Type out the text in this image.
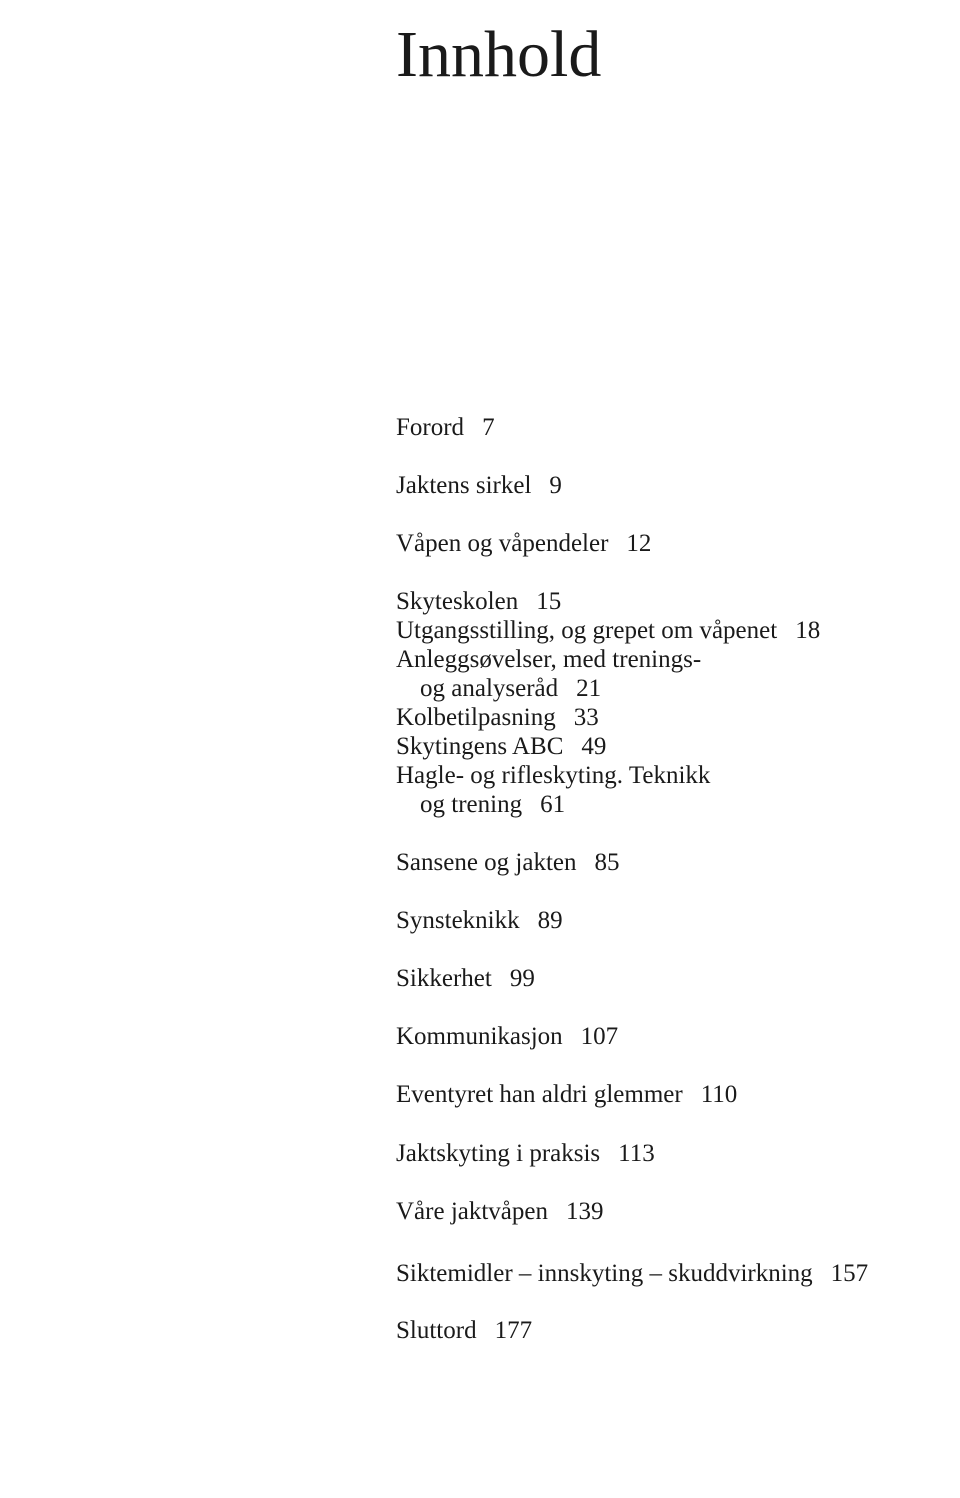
Innhold
Forord 7
Jaktens sirkel 9
Våpen og våpendeler 12
Skyteskolen 15
Utgangsstilling, og grepet om våpenet 18
Anleggsøvelser, med trenings-
og analyseråd 21
Kolbetilpasning 33
Skytingens ABC 49
Hagle- og rifleskyting. Teknikk
og trening 61
Sansene og jakten 85
Synsteknikk 89
Sikkerhet 99
Kommunikasjon 107
Eventyret han aldri glemmer 110
Jaktskyting i praksis 113
Våre jaktvåpen 139
Siktemidler – innskyting – skuddvirkning 157
Sluttord 177
